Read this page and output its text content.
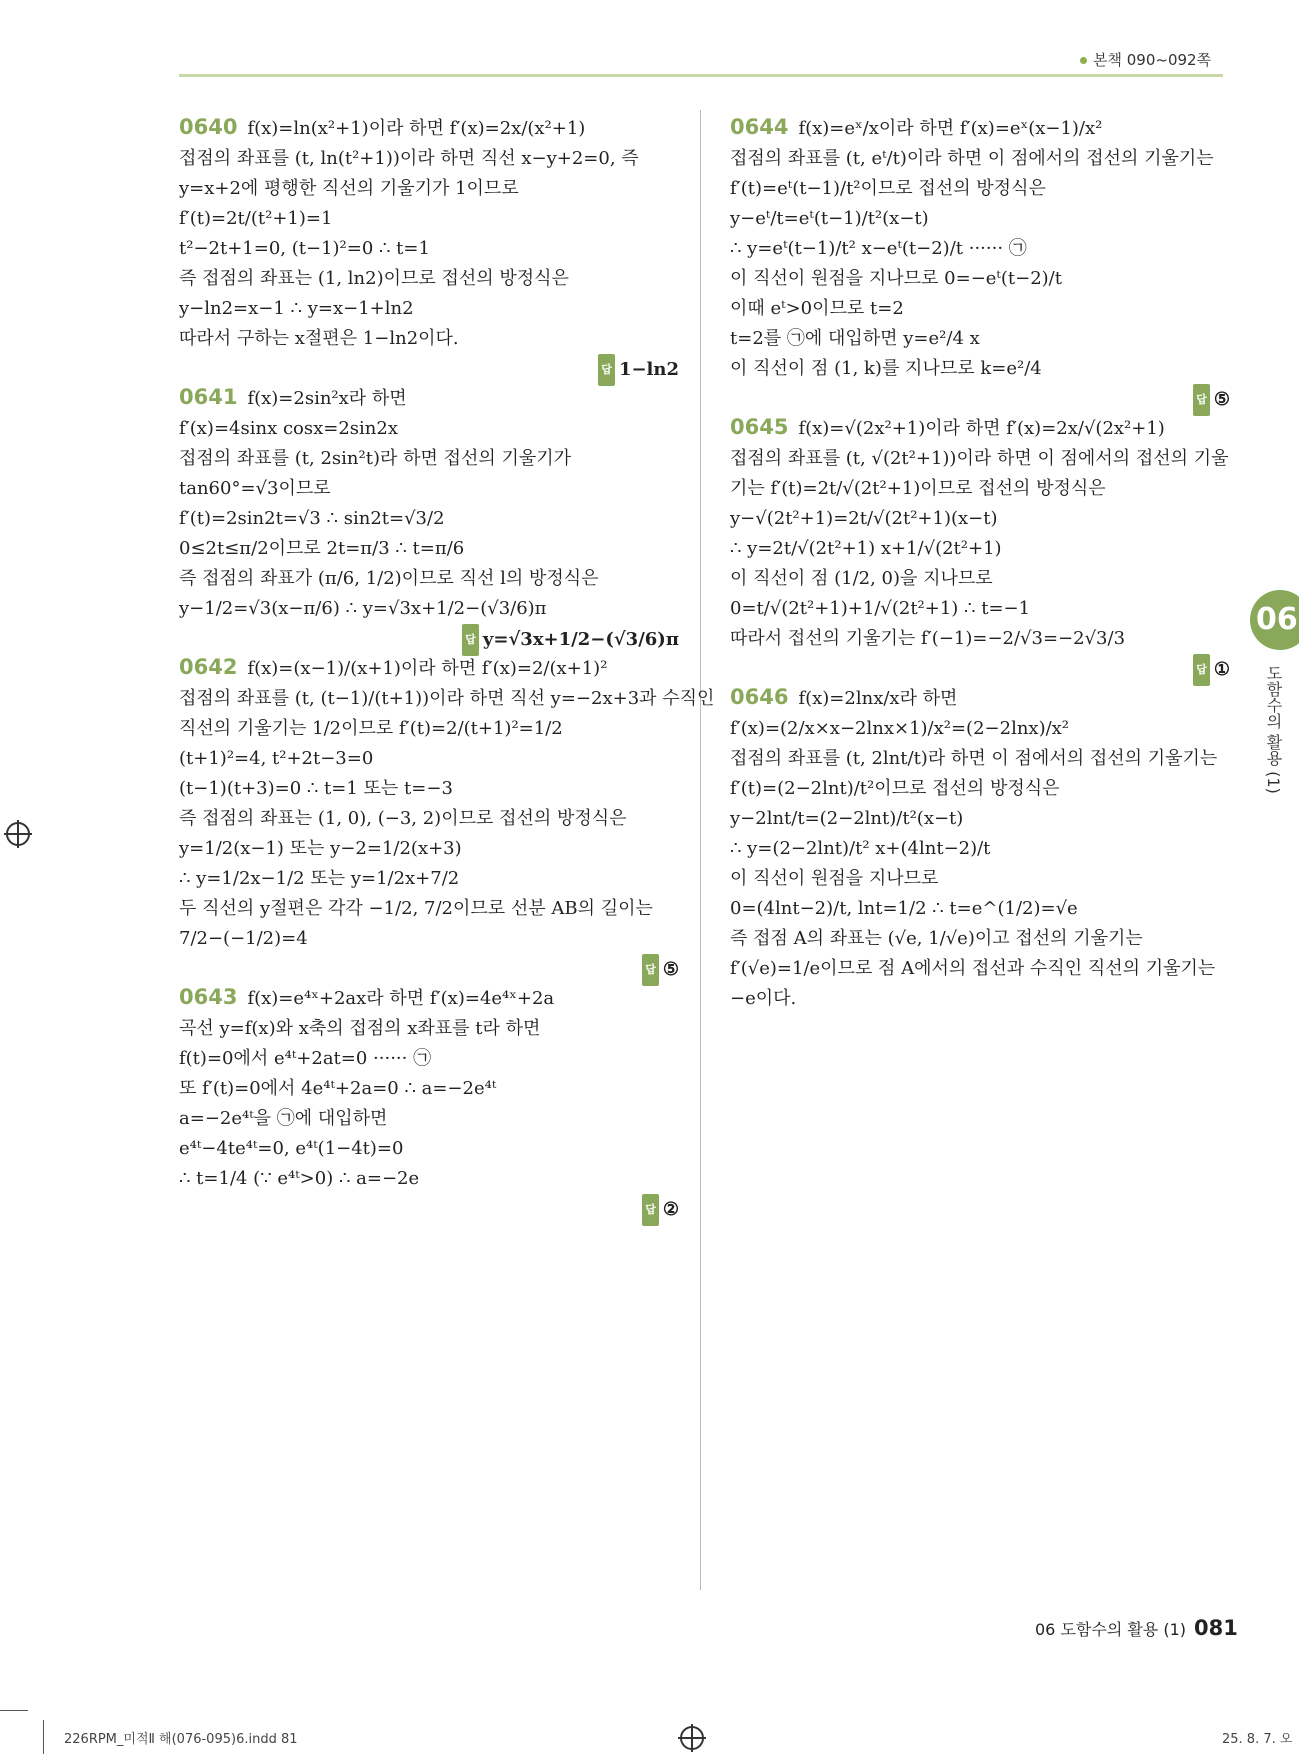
본책 090~092쪽
0640 f(x)=ln(x²+1)이라 하면 f′(x)=2x/(x²+1)
접점의 좌표를 (t, ln(t²+1))이라 하면 직선 x−y+2=0, 즉
y=x+2에 평행한 직선의 기울기가 1이므로
f′(t)=2t/(t²+1)=1
t²−2t+1=0, (t−1)²=0 ∴ t=1
즉 접점의 좌표는 (1, ln2)이므로 접선의 방정식은
y−ln2=x−1 ∴ y=x−1+ln2
따라서 구하는 x절편은 1−ln2이다.
답 1−ln2
0641 f(x)=2sin²x라 하면
f′(x)=4sinx cosx=2sin2x
접점의 좌표를 (t, 2sin²t)라 하면 접선의 기울기가
tan60°=√3이므로
f′(t)=2sin2t=√3 ∴ sin2t=√3/2
0≤2t≤π/2이므로 2t=π/3 ∴ t=π/6
즉 접점의 좌표가 (π/6, 1/2)이므로 직선 l의 방정식은
y−1/2=√3(x−π/6) ∴ y=√3x+1/2−(√3/6)π
답 y=√3x+1/2−(√3/6)π
0642 f(x)=(x−1)/(x+1)이라 하면 f′(x)=2/(x+1)²
접점의 좌표를 (t, (t−1)/(t+1))이라 하면 직선 y=−2x+3과 수직인
직선의 기울기는 1/2이므로 f′(t)=2/(t+1)²=1/2
(t+1)²=4, t²+2t−3=0
(t−1)(t+3)=0 ∴ t=1 또는 t=−3
즉 접점의 좌표는 (1, 0), (−3, 2)이므로 접선의 방정식은
y=1/2(x−1) 또는 y−2=1/2(x+3)
∴ y=1/2x−1/2 또는 y=1/2x+7/2
두 직선의 y절편은 각각 −1/2, 7/2이므로 선분 AB의 길이는
7/2−(−1/2)=4
답 ⑤
0643 f(x)=e⁴ˣ+2ax라 하면 f′(x)=4e⁴ˣ+2a
곡선 y=f(x)와 x축의 접점의 x좌표를 t라 하면
f(t)=0에서 e⁴ᵗ+2at=0 ······ ㉠
또 f′(t)=0에서 4e⁴ᵗ+2a=0 ∴ a=−2e⁴ᵗ
a=−2e⁴ᵗ을 ㉠에 대입하면
e⁴ᵗ−4te⁴ᵗ=0, e⁴ᵗ(1−4t)=0
∴ t=1/4 (∵ e⁴ᵗ>0) ∴ a=−2e
답 ②
0644 f(x)=eˣ/x이라 하면 f′(x)=eˣ(x−1)/x²
접점의 좌표를 (t, eᵗ/t)이라 하면 이 점에서의 접선의 기울기는
f′(t)=eᵗ(t−1)/t²이므로 접선의 방정식은
y−eᵗ/t=eᵗ(t−1)/t²(x−t)
∴ y=eᵗ(t−1)/t² x−eᵗ(t−2)/t ······ ㉠
이 직선이 원점을 지나므로 0=−eᵗ(t−2)/t
이때 eᵗ>0이므로 t=2
t=2를 ㉠에 대입하면 y=e²/4 x
이 직선이 점 (1, k)를 지나므로 k=e²/4
답 ⑤
0645 f(x)=√(2x²+1)이라 하면 f′(x)=2x/√(2x²+1)
접점의 좌표를 (t, √(2t²+1))이라 하면 이 점에서의 접선의 기울
기는 f′(t)=2t/√(2t²+1)이므로 접선의 방정식은
y−√(2t²+1)=2t/√(2t²+1)(x−t)
∴ y=2t/√(2t²+1) x+1/√(2t²+1)
이 직선이 점 (1/2, 0)을 지나므로
0=t/√(2t²+1)+1/√(2t²+1) ∴ t=−1
따라서 접선의 기울기는 f′(−1)=−2/√3=−2√3/3
답 ①
0646 f(x)=2lnx/x라 하면
f′(x)=(2/x×x−2lnx×1)/x²=(2−2lnx)/x²
접점의 좌표를 (t, 2lnt/t)라 하면 이 점에서의 접선의 기울기는
f′(t)=(2−2lnt)/t²이므로 접선의 방정식은
y−2lnt/t=(2−2lnt)/t²(x−t)
∴ y=(2−2lnt)/t² x+(4lnt−2)/t
이 직선이 원점을 지나므로
0=(4lnt−2)/t, lnt=1/2 ∴ t=e^(1/2)=√e
즉 접점 A의 좌표는 (√e, 1/√e)이고 접선의 기울기는
f′(√e)=1/e이므로 점 A에서의 접선과 수직인 직선의 기울기는
−e이다.
06
도함수의 활용 (1)
06 도함수의 활용 (1) 081
226RPM_미적Ⅱ 해(076-095)6.indd 81	25. 8. 7. 오
